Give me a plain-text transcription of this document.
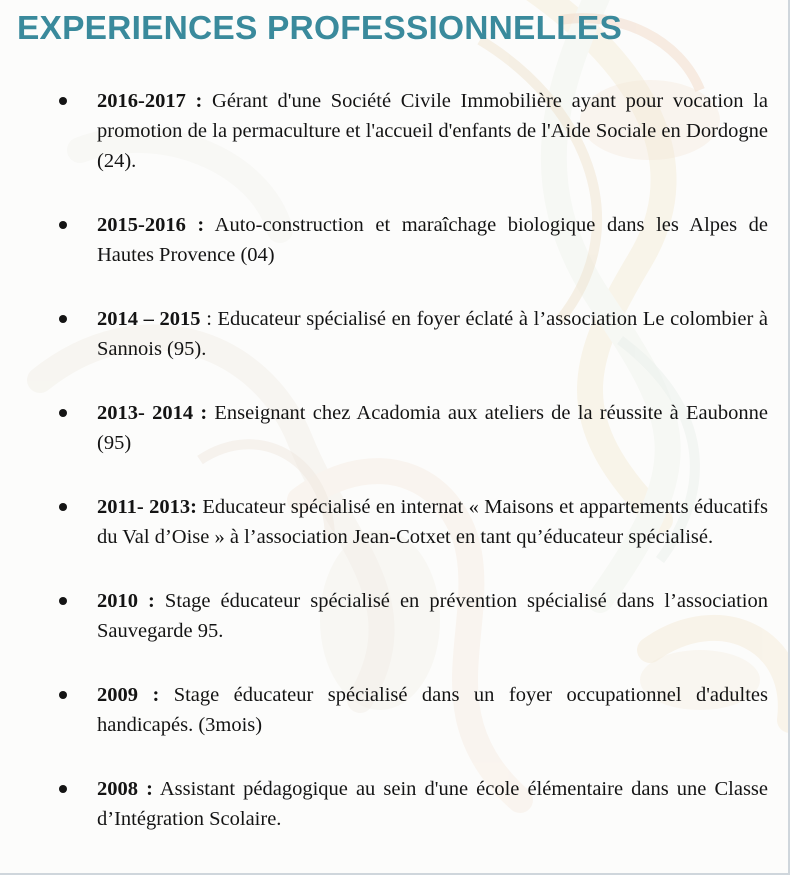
EXPERIENCES PROFESSIONNELLES
2016-2017 : Gérant d'une Société Civile Immobilière ayant pour vocation la promotion de la permaculture et l'accueil d'enfants de l'Aide Sociale en Dordogne (24).
2015-2016 : Auto-construction et maraîchage biologique dans les Alpes de Hautes Provence (04)
2014 – 2015 : Educateur spécialisé en foyer éclaté à l’association Le colombier à Sannois (95).
2013- 2014 : Enseignant chez Acadomia aux ateliers de la réussite à Eaubonne (95)
2011- 2013: Educateur spécialisé en internat « Maisons et appartements éducatifs du Val d’Oise » à l’association Jean-Cotxet en tant qu’éducateur spécialisé.
2010 : Stage éducateur spécialisé en prévention spécialisé dans l’association Sauvegarde 95.
2009 : Stage éducateur spécialisé dans un foyer occupationnel d'adultes handicapés. (3mois)
2008 : Assistant pédagogique au sein d'une école élémentaire dans une Classe d’Intégration Scolaire.
